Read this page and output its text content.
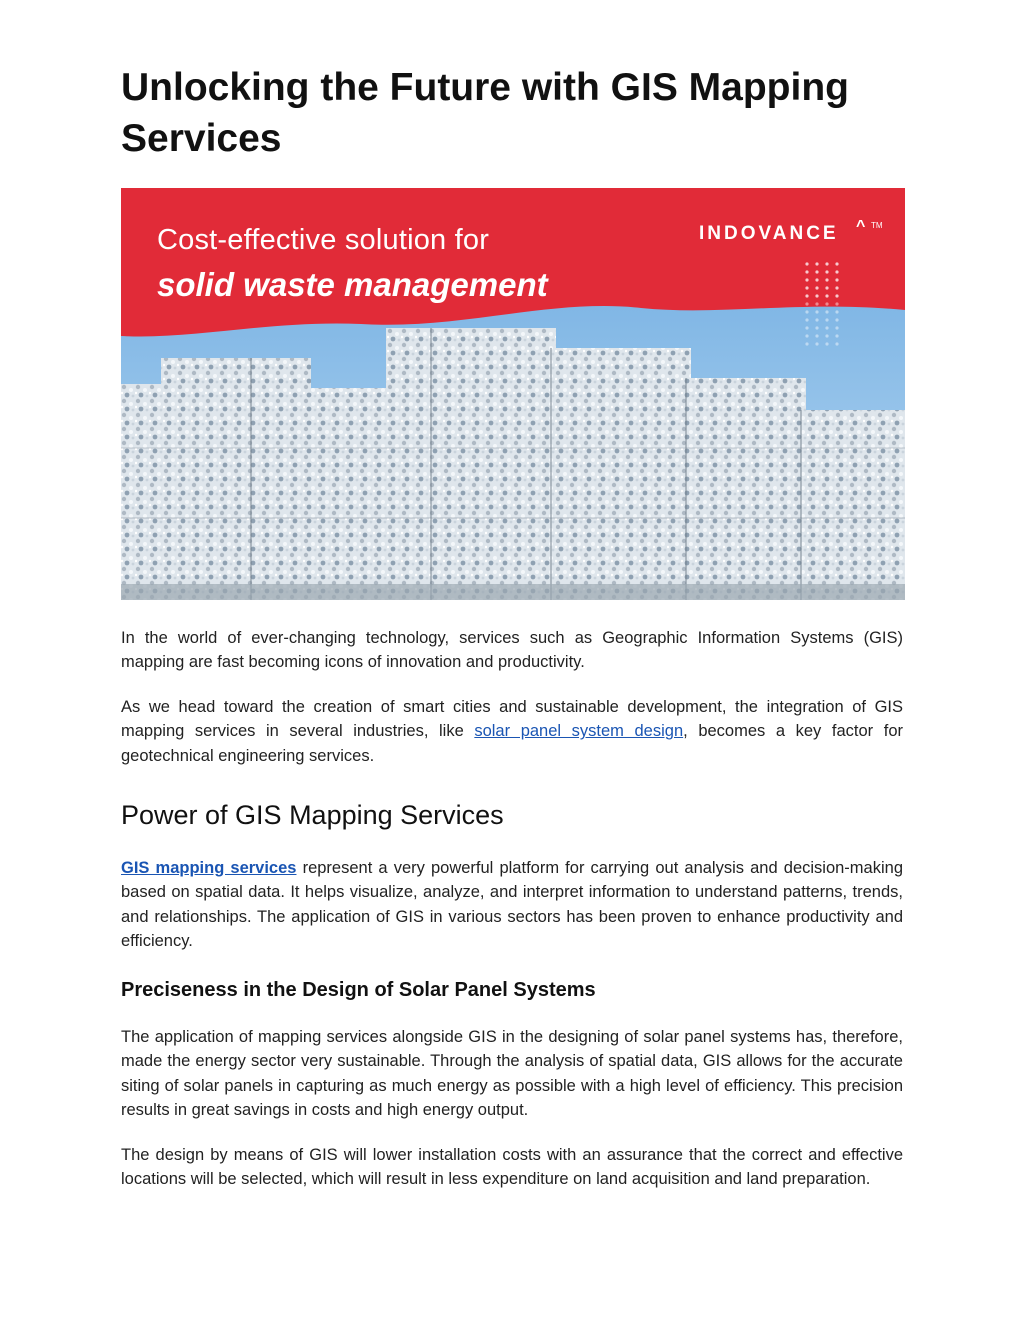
Unlocking the Future with GIS Mapping Services
Cost-effective solution for
solid waste management
INDOVANCE ^ TM

In the world of ever-changing technology, services such as Geographic Information Systems (GIS) mapping are fast becoming icons of innovation and productivity.

As we head toward the creation of smart cities and sustainable development, the integration of GIS mapping services in several industries, like solar panel system design, becomes a key factor for geotechnical engineering services.

Power of GIS Mapping Services

GIS mapping services represent a very powerful platform for carrying out analysis and decision-making based on spatial data. It helps visualize, analyze, and interpret information to understand patterns, trends, and relationships. The application of GIS in various sectors has been proven to enhance productivity and efficiency.

Preciseness in the Design of Solar Panel Systems

The application of mapping services alongside GIS in the designing of solar panel systems has, therefore, made the energy sector very sustainable. Through the analysis of spatial data, GIS allows for the accurate siting of solar panels in capturing as much energy as possible with a high level of efficiency. This precision results in great savings in costs and high energy output.

The design by means of GIS will lower installation costs with an assurance that the correct and effective locations will be selected, which will result in less expenditure on land acquisition and land preparation.
